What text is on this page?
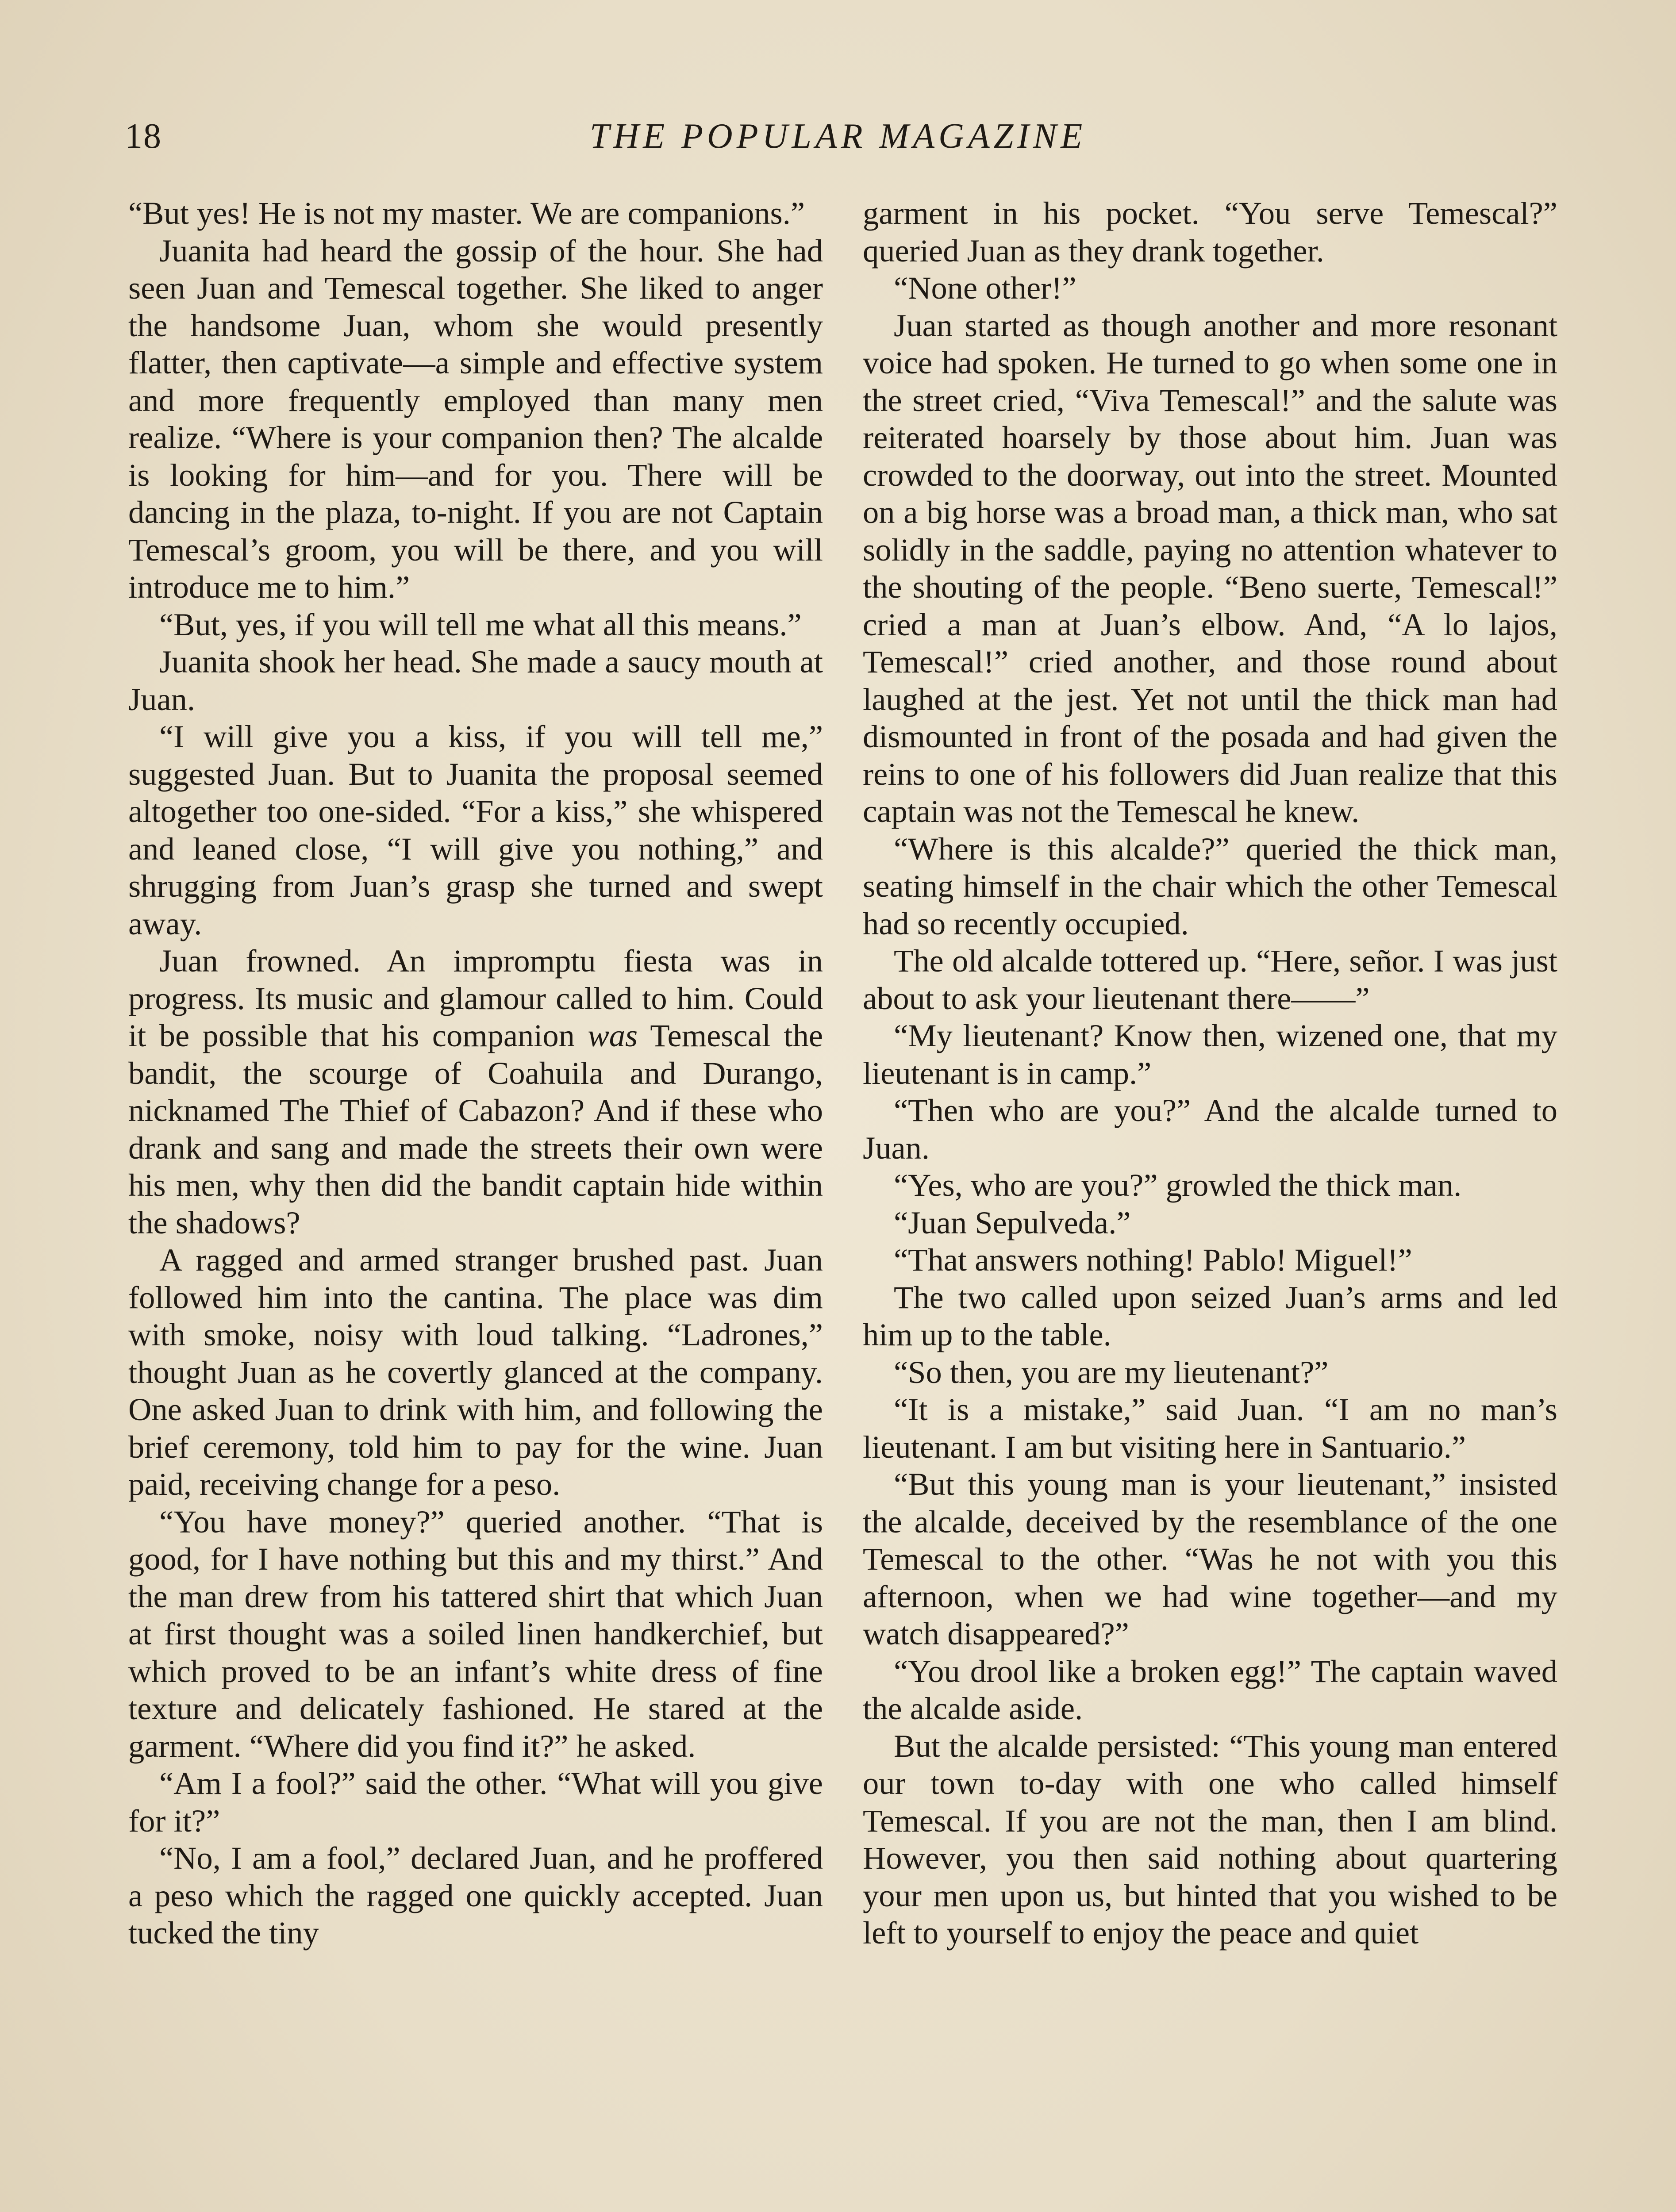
18	THE POPULAR MAGAZINE

“But yes! He is not my master. We are companions.”

Juanita had heard the gossip of the hour. She had seen Juan and Temescal together. She liked to anger the handsome Juan, whom she would presently flatter, then captivate—a simple and effective system and more frequently employed than many men realize. “Where is your companion then? The alcalde is looking for him—and for you. There will be dancing in the plaza, to-night. If you are not Captain Temescal’s groom, you will be there, and you will introduce me to him.”

“But, yes, if you will tell me what all this means.”

Juanita shook her head. She made a saucy mouth at Juan.

“I will give you a kiss, if you will tell me,” suggested Juan. But to Juanita the proposal seemed altogether too one-sided. “For a kiss,” she whispered and leaned close, “I will give you nothing,” and shrugging from Juan’s grasp she turned and swept away.

Juan frowned. An impromptu fiesta was in progress. Its music and glamour called to him. Could it be possible that his companion was Temescal the bandit, the scourge of Coahuila and Durango, nicknamed The Thief of Cabazon? And if these who drank and sang and made the streets their own were his men, why then did the bandit captain hide within the shadows?

A ragged and armed stranger brushed past. Juan followed him into the cantina. The place was dim with smoke, noisy with loud talking. “Ladrones,” thought Juan as he covertly glanced at the company. One asked Juan to drink with him, and following the brief ceremony, told him to pay for the wine. Juan paid, receiving change for a peso.

“You have money?” queried another. “That is good, for I have nothing but this and my thirst.” And the man drew from his tattered shirt that which Juan at first thought was a soiled linen handkerchief, but which proved to be an infant’s white dress of fine texture and delicately fashioned. He stared at the garment. “Where did you find it?” he asked.

“Am I a fool?” said the other. “What will you give for it?”

“No, I am a fool,” declared Juan, and he proffered a peso which the ragged one quickly accepted. Juan tucked the tiny

garment in his pocket. “You serve Temescal?” queried Juan as they drank together.

“None other!”

Juan started as though another and more resonant voice had spoken. He turned to go when some one in the street cried, “Viva Temescal!” and the salute was reiterated hoarsely by those about him. Juan was crowded to the doorway, out into the street. Mounted on a big horse was a broad man, a thick man, who sat solidly in the saddle, paying no attention whatever to the shouting of the people. “Beno suerte, Temescal!” cried a man at Juan’s elbow. And, “A lo lajos, Temescal!” cried another, and those round about laughed at the jest. Yet not until the thick man had dismounted in front of the posada and had given the reins to one of his followers did Juan realize that this captain was not the Temescal he knew.

“Where is this alcalde?” queried the thick man, seating himself in the chair which the other Temescal had so recently occupied.

The old alcalde tottered up. “Here, señor. I was just about to ask your lieutenant there——”

“My lieutenant? Know then, wizened one, that my lieutenant is in camp.”

“Then who are you?” And the alcalde turned to Juan.

“Yes, who are you?” growled the thick man.

“Juan Sepulveda.”

“That answers nothing! Pablo! Miguel!”

The two called upon seized Juan’s arms and led him up to the table.

“So then, you are my lieutenant?”

“It is a mistake,” said Juan. “I am no man’s lieutenant. I am but visiting here in Santuario.”

“But this young man is your lieutenant,” insisted the alcalde, deceived by the resemblance of the one Temescal to the other. “Was he not with you this afternoon, when we had wine together—and my watch disappeared?”

“You drool like a broken egg!” The captain waved the alcalde aside.

But the alcalde persisted: “This young man entered our town to-day with one who called himself Temescal. If you are not the man, then I am blind. However, you then said nothing about quartering your men upon us, but hinted that you wished to be left to yourself to enjoy the peace and quiet
